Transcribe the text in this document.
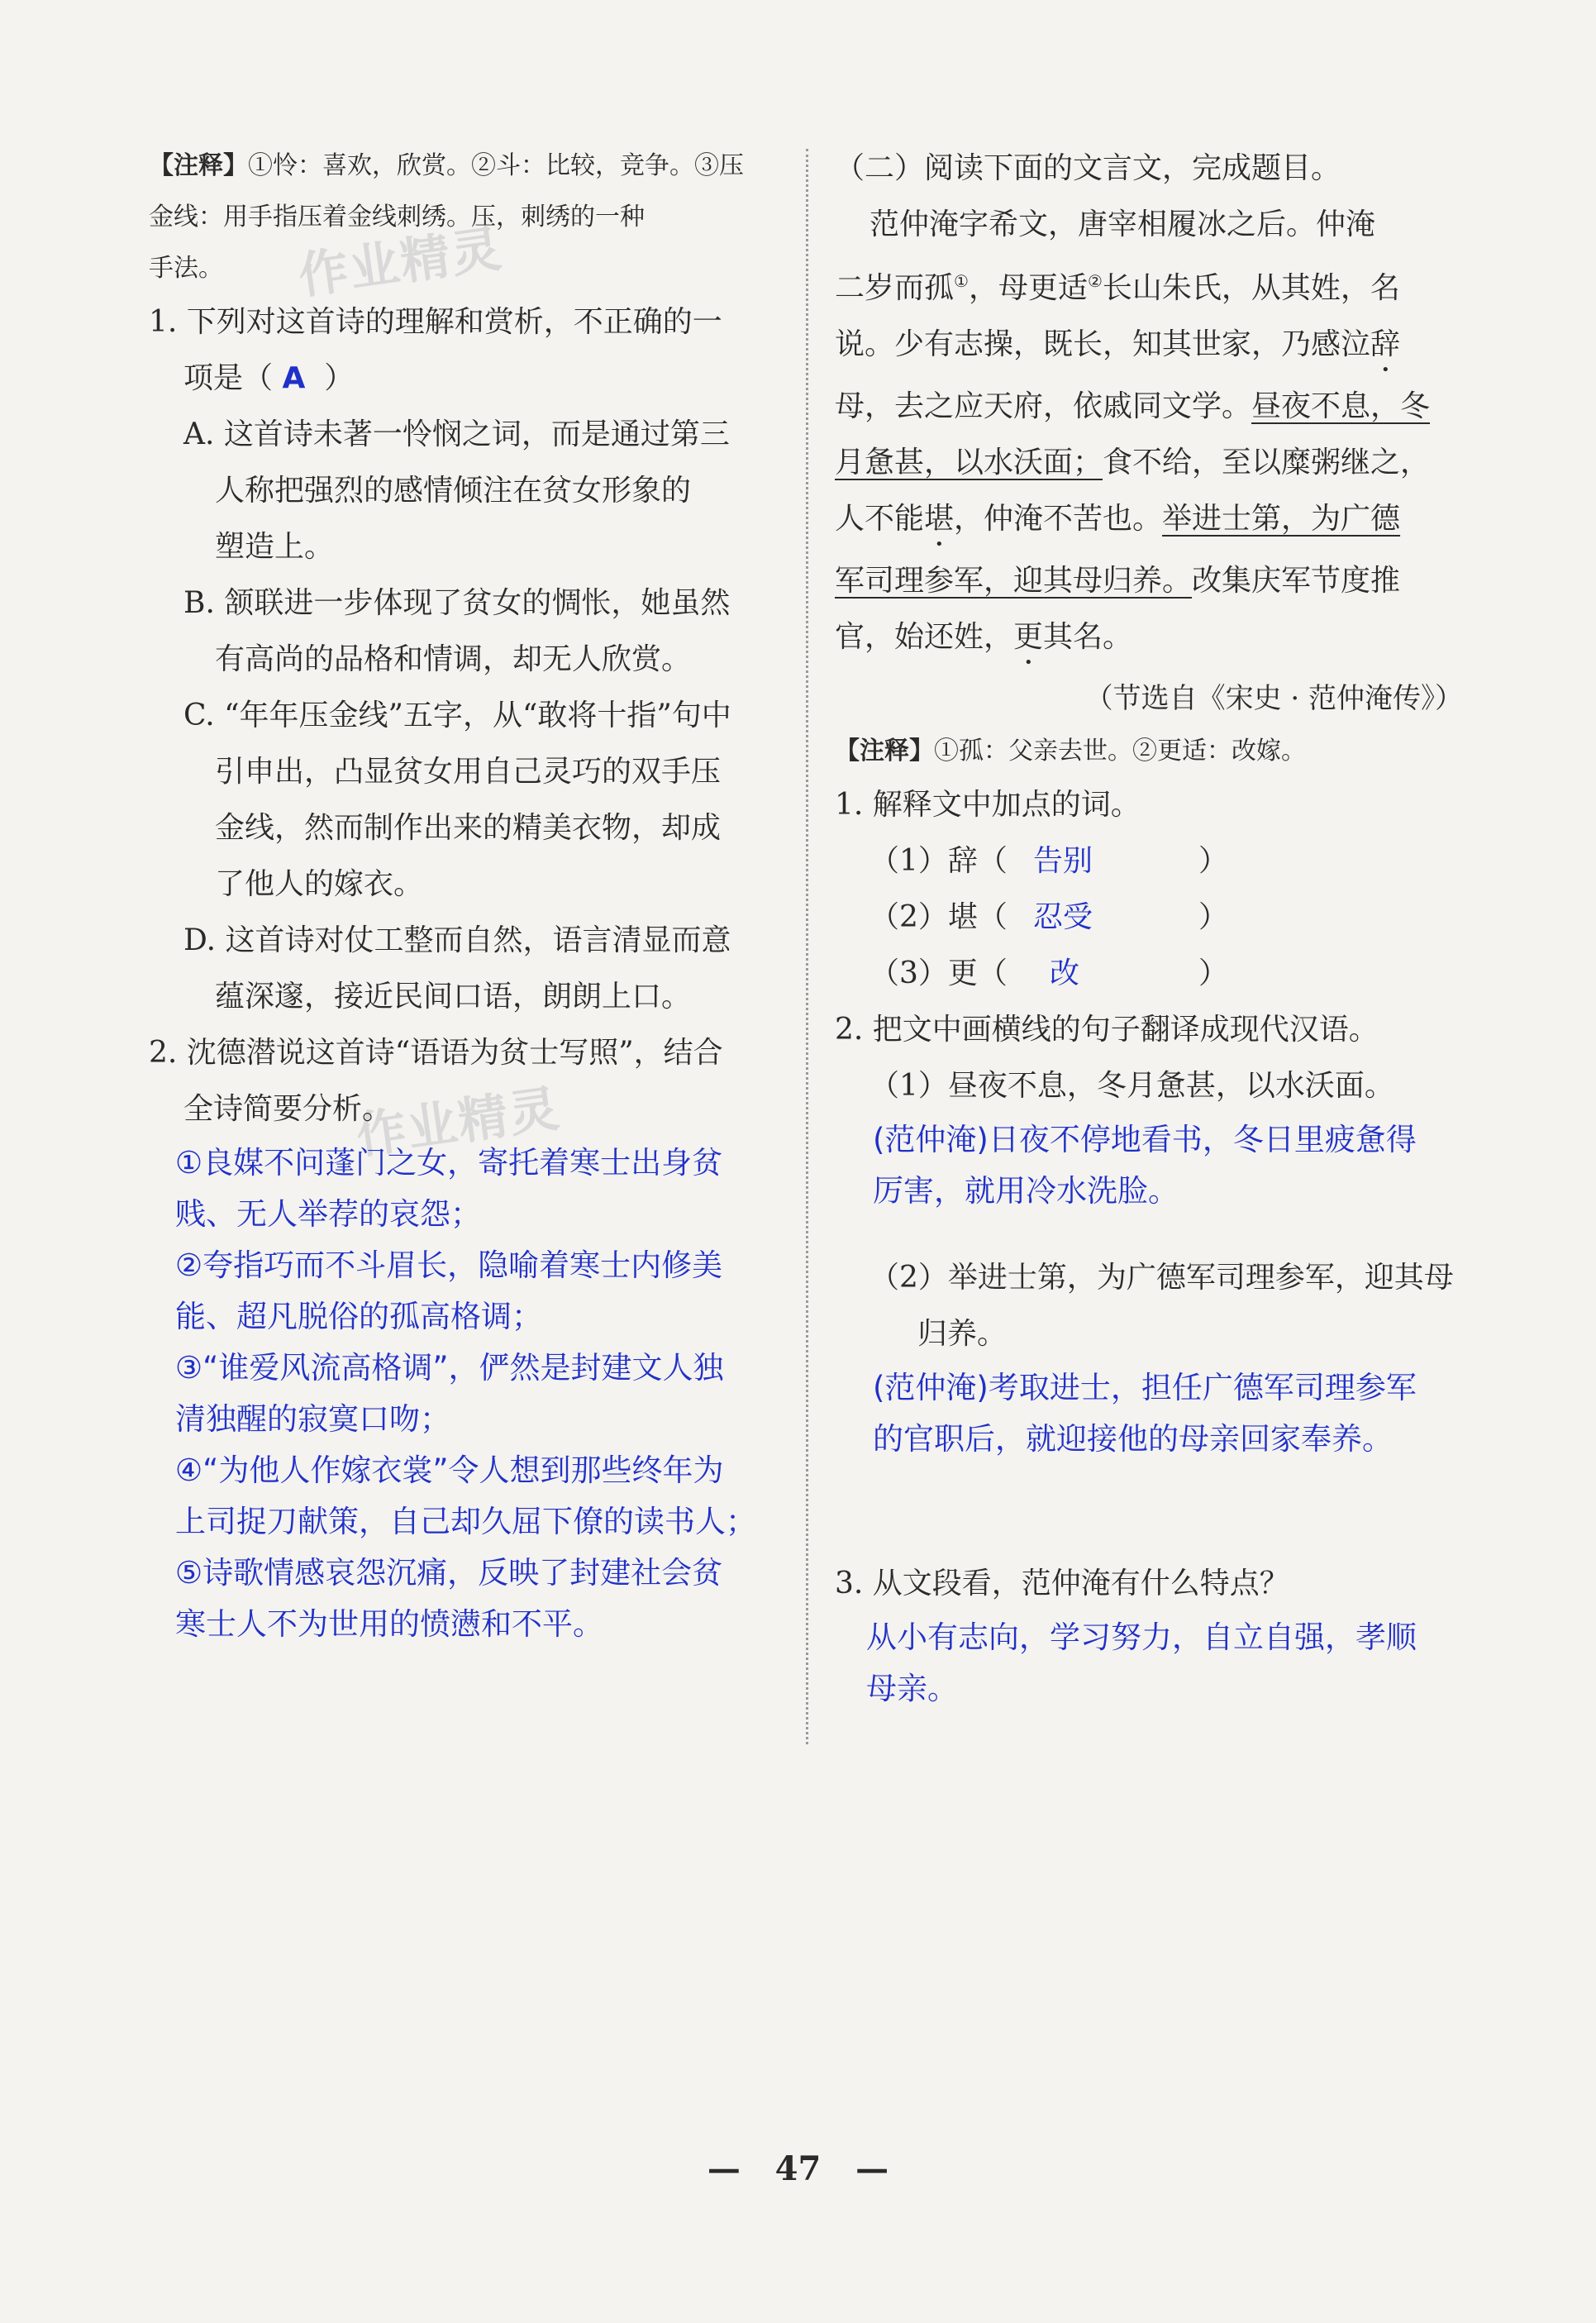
作业精灵
作业精灵

【注释】①怜：喜欢，欣赏。②斗：比较，竞争。③压

金线：用手指压着金线刺绣。压，刺绣的一种

手法。

1. 下列对这首诗的理解和赏析，不正确的一

项是（ A ）

A. 这首诗未著一怜悯之词，而是通过第三

人称把强烈的感情倾注在贫女形象的

塑造上。

B. 颔联进一步体现了贫女的惆怅，她虽然

有高尚的品格和情调，却无人欣赏。

C. “年年压金线”五字，从“敢将十指”句中

引申出，凸显贫女用自己灵巧的双手压

金线，然而制作出来的精美衣物，却成

了他人的嫁衣。

D. 这首诗对仗工整而自然，语言清显而意

蕴深邃，接近民间口语，朗朗上口。

2. 沈德潜说这首诗“语语为贫士写照”，结合

全诗简要分析。

①良媒不问蓬门之女，寄托着寒士出身贫
贱、无人举荐的哀怨；
②夸指巧而不斗眉长，隐喻着寒士内修美
能、超凡脱俗的孤高格调；
③“谁爱风流高格调”，俨然是封建文人独
清独醒的寂寞口吻；
④“为他人作嫁衣裳”令人想到那些终年为
上司捉刀献策，自己却久屈下僚的读书人；
⑤诗歌情感哀怨沉痛，反映了封建社会贫
寒士人不为世用的愤懑和不平。

（二）阅读下面的文言文，完成题目。

范仲淹字希文，唐宰相履冰之后。仲淹

二岁而孤①，母更适②长山朱氏，从其姓，名

说。少有志操，既长，知其世家，乃感泣辞

母，去之应天府，依戚同文学。昼夜不息，冬

月惫甚，以水沃面；食不给，至以糜粥继之，

人不能堪，仲淹不苦也。举进士第，为广德

军司理参军，迎其母归养。改集庆军节度推

官，始还姓，更其名。

（节选自《宋史 · 范仲淹传》）

【注释】①孤：父亲去世。②更适：改嫁。

1. 解释文中加点的词。

（1）辞（ 告别	）
（2）堪（ 忍受	）
（3）更（ 改	）

2. 把文中画横线的句子翻译成现代汉语。

（1）昼夜不息，冬月惫甚，以水沃面。

(范仲淹)日夜不停地看书，冬日里疲惫得
厉害，就用冷水洗脸。

（2）举进士第，为广德军司理参军，迎其母

归养。

(范仲淹)考取进士，担任广德军司理参军
的官职后，就迎接他的母亲回家奉养。

3. 从文段看，范仲淹有什么特点？

从小有志向，学习努力，自立自强，孝顺
母亲。
— 47 —
